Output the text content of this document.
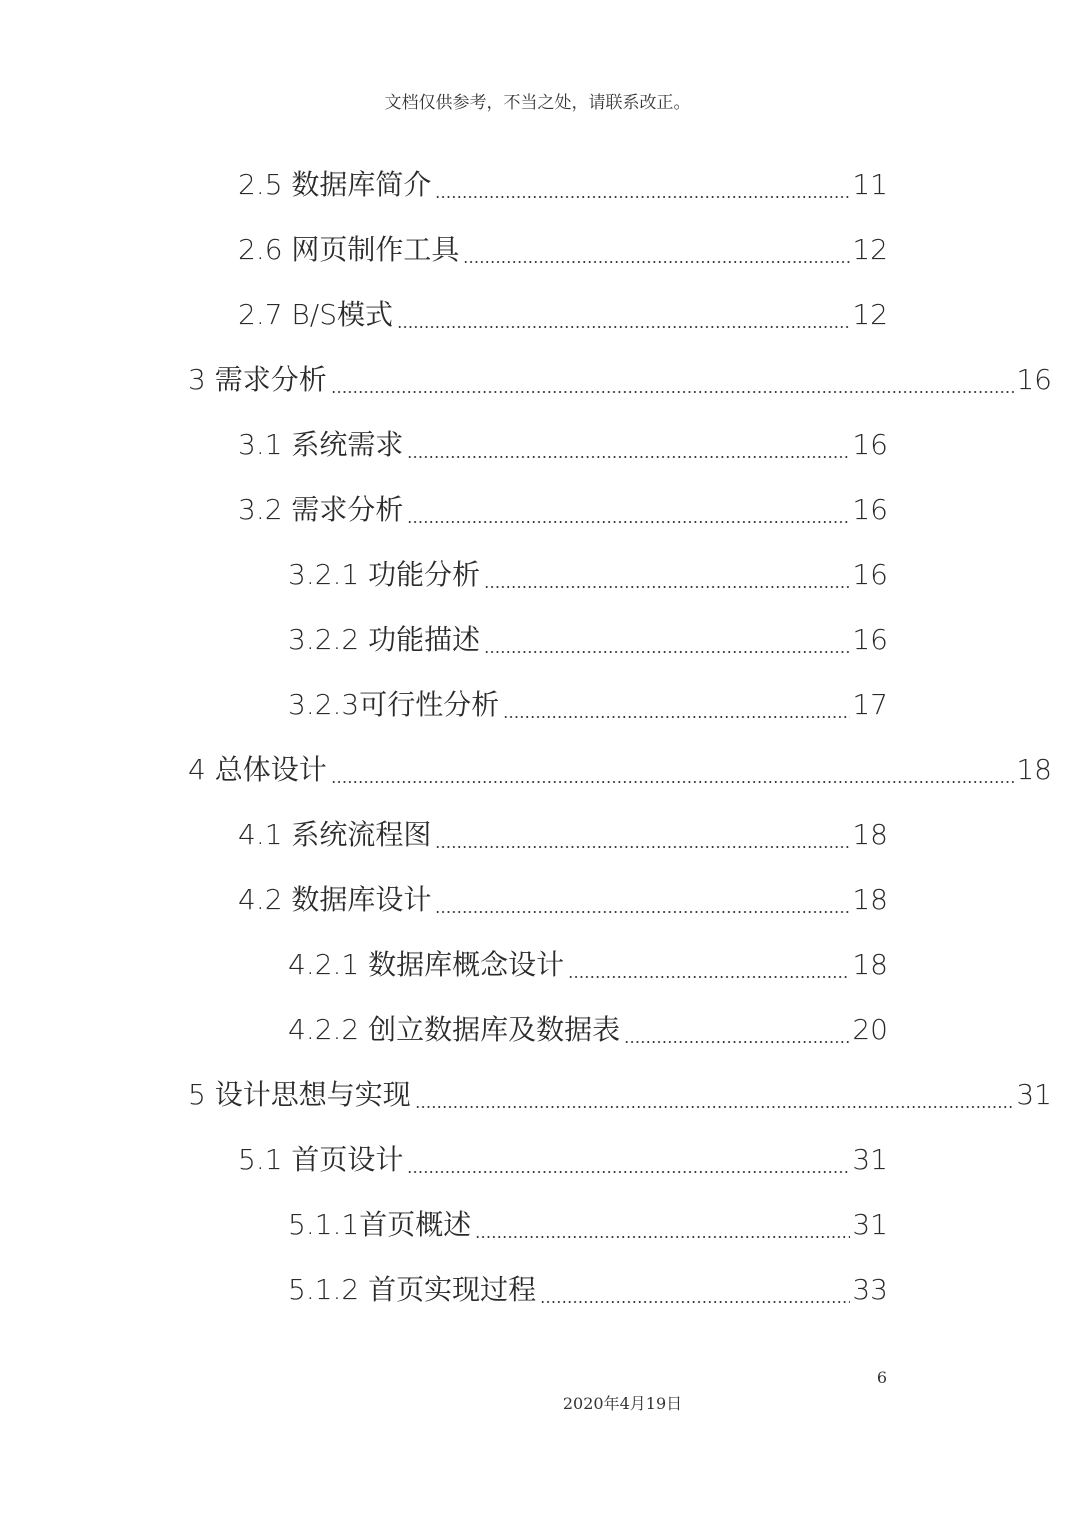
文档仅供参考，不当之处，请联系改正。
2.5 数据库简介	11
2.6 网页制作工具	12
2.7 B/S模式	12
3 需求分析	16
3.1 系统需求	16
3.2 需求分析	16
3.2.1 功能分析	16
3.2.2 功能描述	16
3.2.3可行性分析	17
4 总体设计	18
4.1 系统流程图	18
4.2 数据库设计	18
4.2.1 数据库概念设计	18
4.2.2 创立数据库及数据表	20
5 设计思想与实现	31
5.1 首页设计	31
5.1.1首页概述	31
5.1.2 首页实现过程	33
6
2020年4月19日
